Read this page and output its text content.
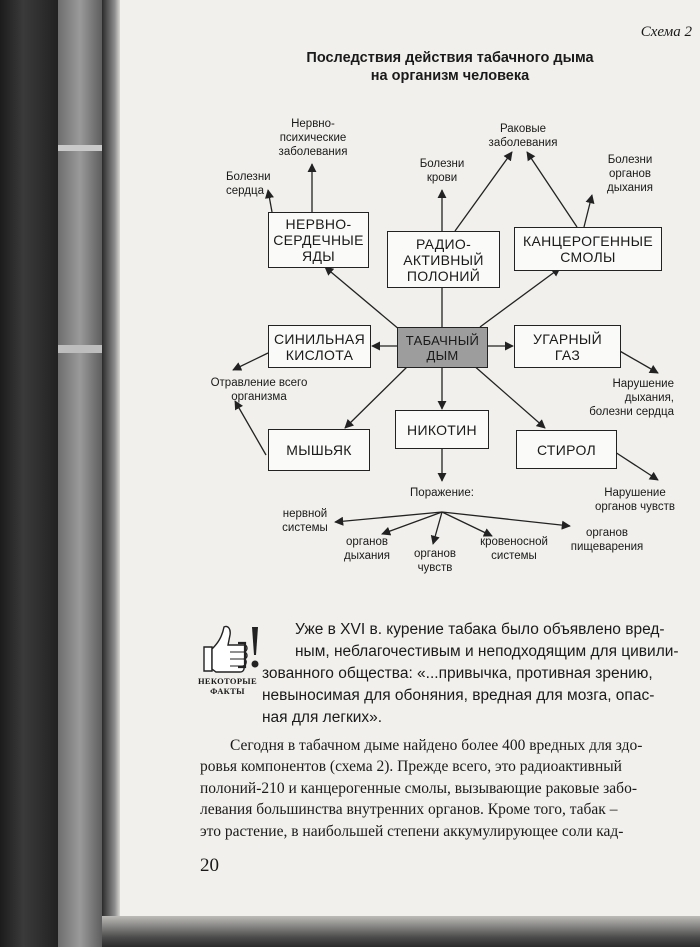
Схема 2
Последствия действия табачного дыма
на организм человека
НЕРВНО-
СЕРДЕЧНЫЕ
ЯДЫ
РАДИО-
АКТИВНЫЙ
ПОЛОНИЙ
КАНЦЕРОГЕННЫЕ
СМОЛЫ
СИНИЛЬНАЯ
КИСЛОТА
ТАБАЧНЫЙ
ДЫМ
УГАРНЫЙ
ГАЗ
НИКОТИН
МЫШЬЯК	СТИРОЛ
Нервно-
психические
заболевания
Болезни
сердца
Болезни
крови
Раковые
заболевания
Болезни
органов
дыхания
Отравление всего
организма
Нарушение
дыхания,
болезни сердца
Нарушение
органов чувств
Поражение:
нервной
системы
органов
дыхания	органов
чувств
кровеносной
системы
органов
пищеварения
НЕКОТОРЫЕ
ФАКТЫ
Уже в XVI в. курение табака было объявлено вред-
ным, неблагочестивым и неподходящим для цивили-
зованного общества: «...привычка, противная зрению,
невыносимая для обоняния, вредная для мозга, опас-
ная для легких».
Сегодня в табачном дыме найдено более 400 вредных для здо-
ровья компонентов (схема 2). Прежде всего, это радиоактивный
полоний-210 и канцерогенные смолы, вызывающие раковые забо-
левания большинства внутренних органов. Кроме того, табак –
это растение, в наибольшей степени аккумулирующее соли кад-
20
